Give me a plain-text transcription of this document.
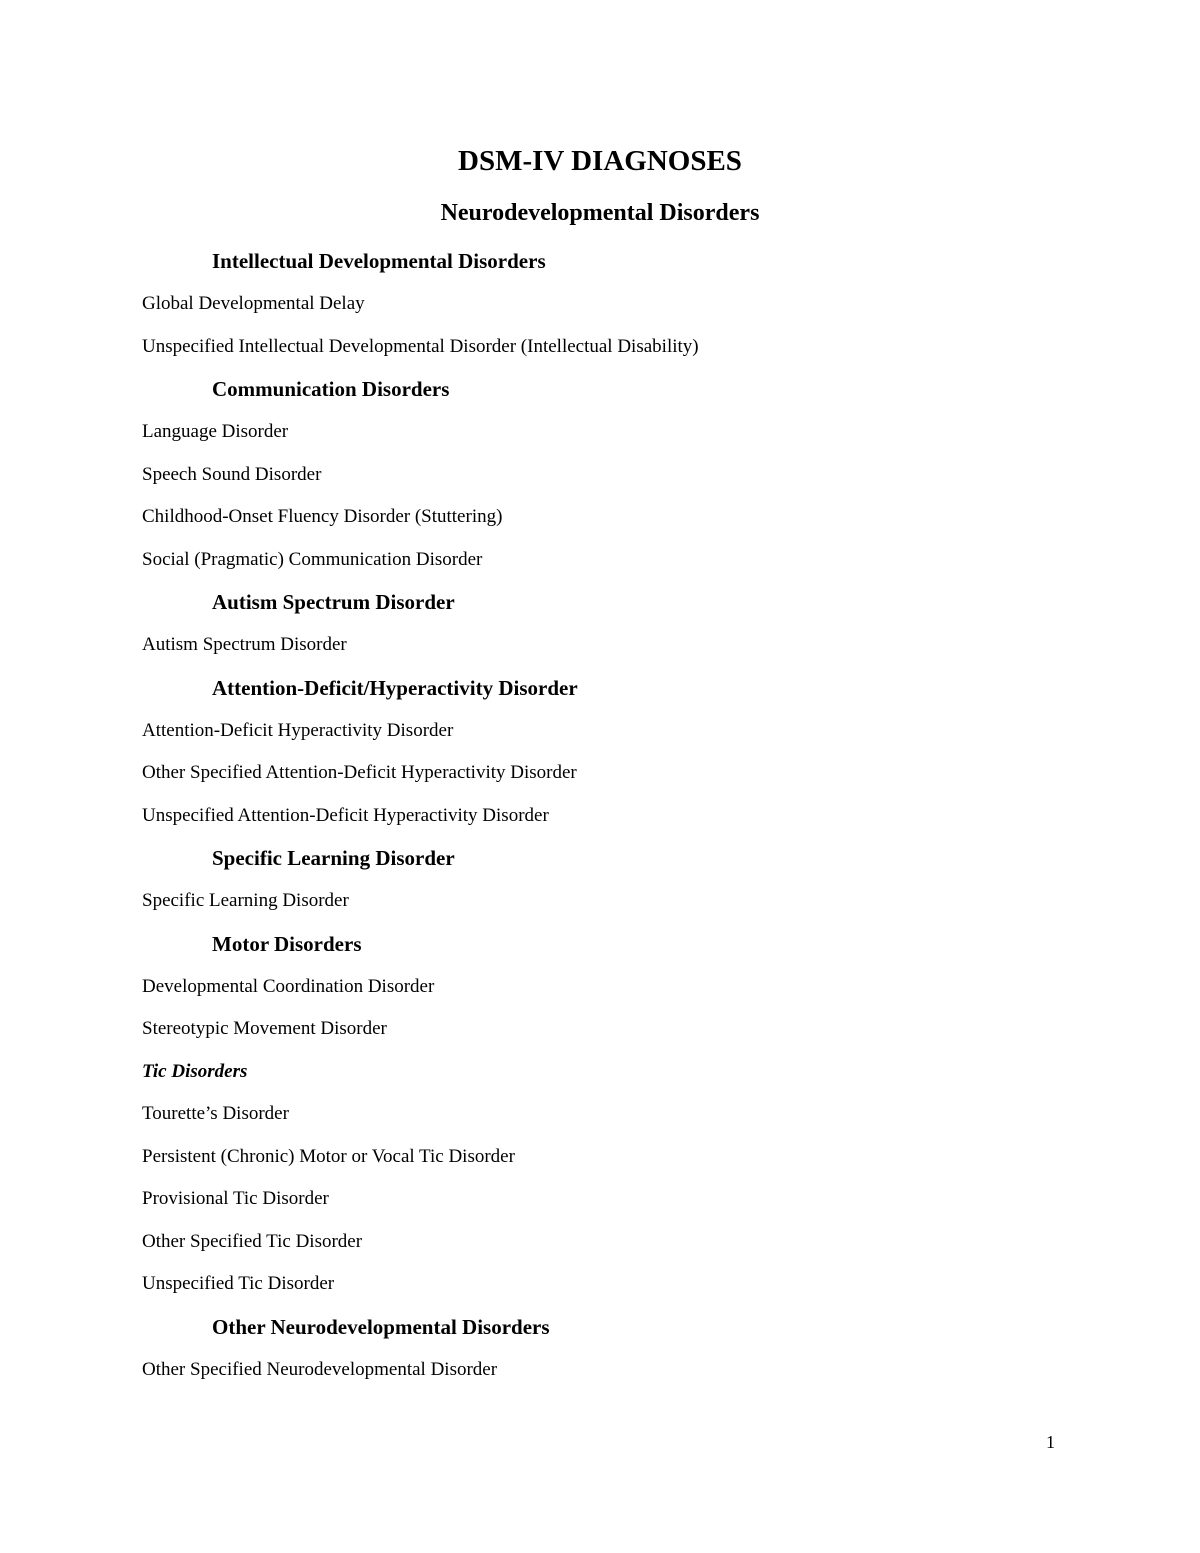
DSM-IV DIAGNOSES
Neurodevelopmental Disorders
Intellectual Developmental Disorders
Global Developmental Delay
Unspecified Intellectual Developmental Disorder (Intellectual Disability)
Communication Disorders
Language Disorder
Speech Sound Disorder
Childhood-Onset Fluency Disorder (Stuttering)
Social (Pragmatic) Communication Disorder
Autism Spectrum Disorder
Autism Spectrum Disorder
Attention-Deficit/Hyperactivity Disorder
Attention-Deficit Hyperactivity Disorder
Other Specified Attention-Deficit Hyperactivity Disorder
Unspecified Attention-Deficit Hyperactivity Disorder
Specific Learning Disorder
Specific Learning Disorder
Motor Disorders
Developmental Coordination Disorder
Stereotypic Movement Disorder
Tic Disorders
Tourette’s Disorder
Persistent (Chronic) Motor or Vocal Tic Disorder
Provisional Tic Disorder
Other Specified Tic Disorder
Unspecified Tic Disorder
Other Neurodevelopmental Disorders
Other Specified Neurodevelopmental Disorder
1
